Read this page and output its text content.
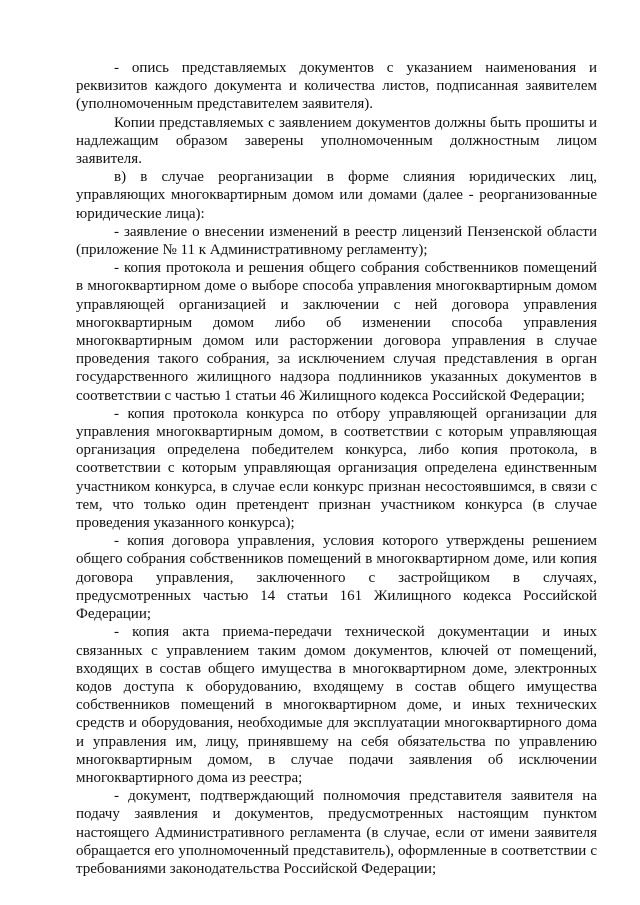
- опись представляемых документов с указанием наименования и реквизитов каждого документа и количества листов, подписанная заявителем (уполномоченным представителем заявителя).

Копии представляемых с заявлением документов должны быть прошиты и надлежащим образом заверены уполномоченным должностным лицом заявителя.

в) в случае реорганизации в форме слияния юридических лиц, управляющих многоквартирным домом или домами (далее - реорганизованные юридические лица):

- заявление о внесении изменений в реестр лицензий Пензенской области (приложение № 11 к Административному регламенту);

- копия протокола и решения общего собрания собственников помещений в многоквартирном доме о выборе способа управления многоквартирным домом управляющей организацией и заключении с ней договора управления многоквартирным домом либо об изменении способа управления многоквартирным домом или расторжении договора управления в случае проведения такого собрания, за исключением случая представления в орган государственного жилищного надзора подлинников указанных документов в соответствии с частью 1 статьи 46 Жилищного кодекса Российской Федерации;

- копия протокола конкурса по отбору управляющей организации для управления многоквартирным домом, в соответствии с которым управляющая организация определена победителем конкурса, либо копия протокола, в соответствии с которым управляющая организация определена единственным участником конкурса, в случае если конкурс признан несостоявшимся, в связи с тем, что только один претендент признан участником конкурса (в случае проведения указанного конкурса);

- копия договора управления, условия которого утверждены решением общего собрания собственников помещений в многоквартирном доме, или копия договора управления, заключенного с застройщиком в случаях, предусмотренных частью 14 статьи 161 Жилищного кодекса Российской Федерации;

- копия акта приема-передачи технической документации и иных связанных с управлением таким домом документов, ключей от помещений, входящих в состав общего имущества в многоквартирном доме, электронных кодов доступа к оборудованию, входящему в состав общего имущества собственников помещений в многоквартирном доме, и иных технических средств и оборудования, необходимые для эксплуатации многоквартирного дома и управления им, лицу, принявшему на себя обязательства по управлению многоквартирным домом, в случае подачи заявления об исключении многоквартирного дома из реестра;

- документ, подтверждающий полномочия представителя заявителя на подачу заявления и документов, предусмотренных настоящим пунктом настоящего Административного регламента (в случае, если от имени заявителя обращается его уполномоченный представитель), оформленные в соответствии с требованиями законодательства Российской Федерации;
